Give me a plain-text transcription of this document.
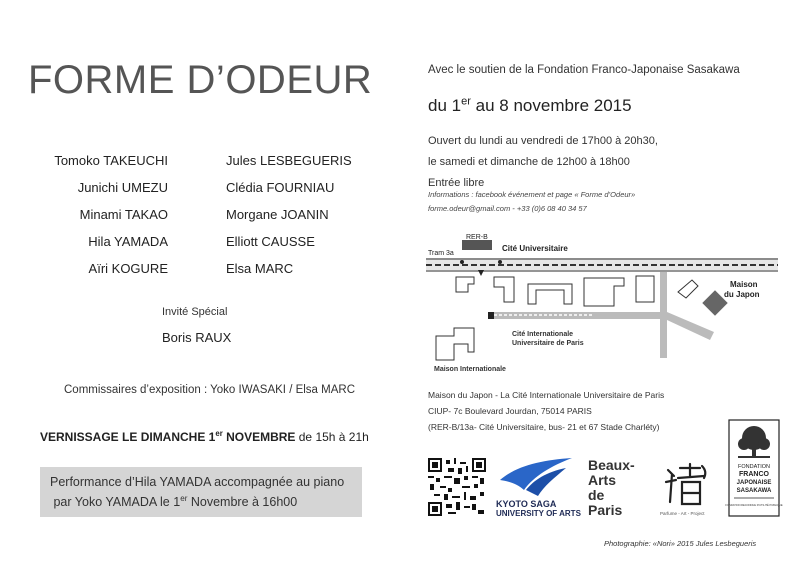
FORME D’ODEUR
Tomoko TAKEUCHI
Junichi UMEZU
Minami TAKAO
Hila YAMADA
Aïri KOGURE
Jules LESBEGUERIS
Clédia FOURNIAU
Morgane JOANIN
Elliott CAUSSE
Elsa MARC
Invité Spécial
Boris RAUX
Commissaires d’exposition : Yoko IWASAKI / Elsa MARC
VERNISSAGE LE DIMANCHE 1er NOVEMBRE de 15h à 21h
Performance d’Hila YAMADA accompagnée au piano
par Yoko YAMADA le 1er Novembre à 16h00
Avec le soutien de la Fondation Franco-Japonaise Sasakawa
du 1er au 8 novembre 2015
Ouvert du lundi au vendredi de 17h00 à 20h30,
le samedi et dimanche de 12h00 à 18h00
Entrée libre
Informations : facebook événement et page « Forme d’Odeur»
forme.odeur@gmail.com - +33 (0)6 08 40 34 57
RER-B
Tram 3a
Cité Universitaire
Maison
du Japon
Cité Internationale
Universitaire de Paris
Maison Internationale
Maison du Japon - La Cité Internationale Universitaire de Paris
CIUP- 7c Boulevard Jourdan, 75014 PARIS
(RER-B/13a- Cité Universitaire, bus- 21 et 67 Stade Charléty)
KYOTO SAGA
UNIVERSITY OF ARTS
Beaux-
Arts
de
Paris	Parfume - Art - Project
FONDATION
FRANCO
JAPONAISE
SASAKAWA
FONDATION RECONNUE D'UTILITÉ PUBLIQUE
Photographie: «Nori» 2015 Jules Lesbegueris
